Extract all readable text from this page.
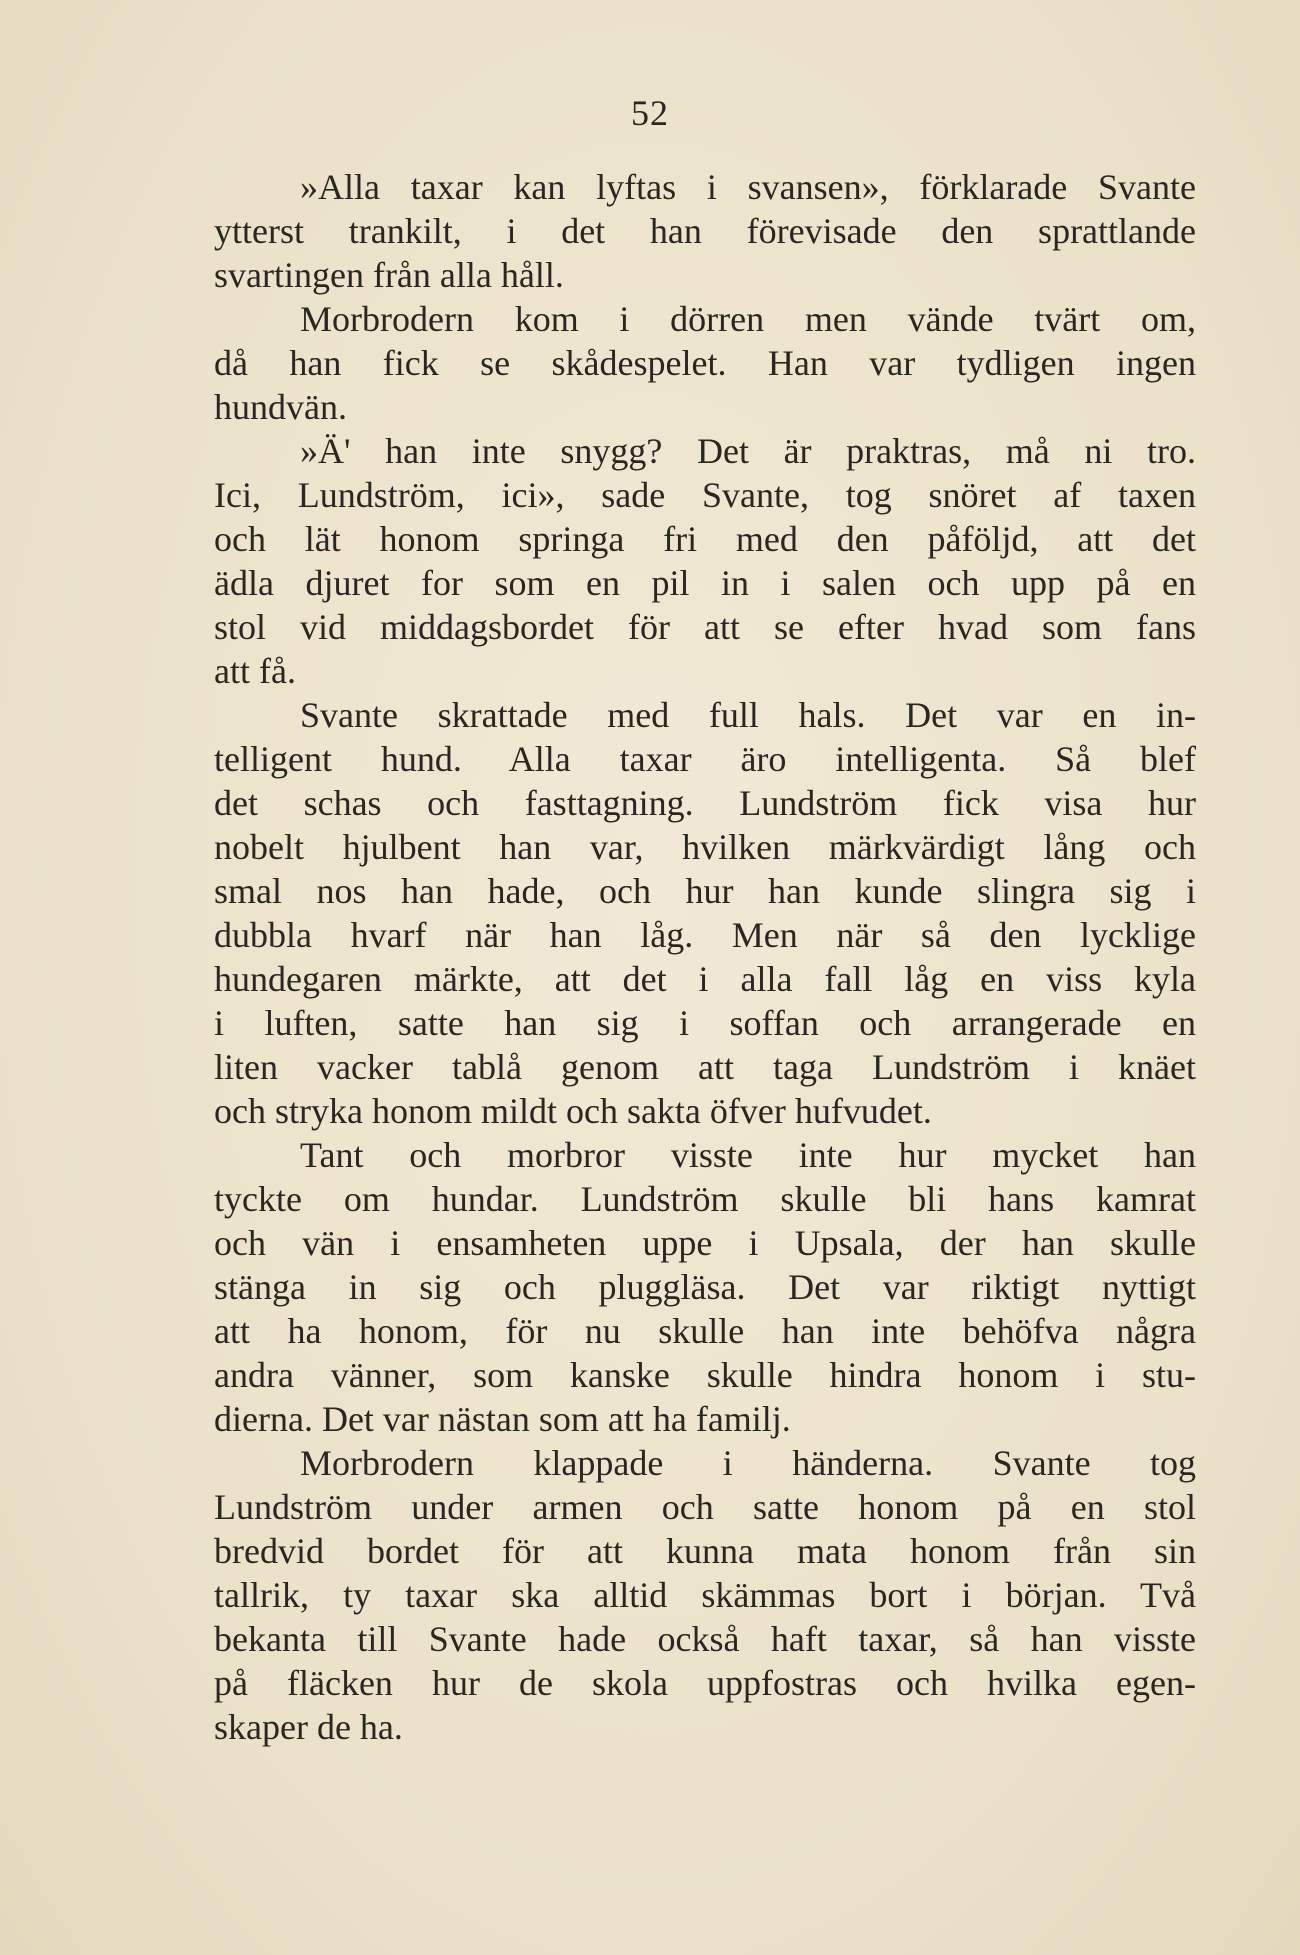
52
»Alla taxar kan lyftas i svansen», förklarade Svante
ytterst trankilt, i det han förevisade den sprattlande
svartingen från alla håll.
Morbrodern kom i dörren men vände tvärt om,
då han fick se skådespelet. Han var tydligen ingen
hundvän.
»Ä' han inte snygg? Det är praktras, må ni tro.
Ici, Lundström, ici», sade Svante, tog snöret af taxen
och lät honom springa fri med den påföljd, att det
ädla djuret for som en pil in i salen och upp på en
stol vid middagsbordet för att se efter hvad som fans
att få.
Svante skrattade med full hals. Det var en in-
telligent hund. Alla taxar äro intelligenta. Så blef
det schas och fasttagning. Lundström fick visa hur
nobelt hjulbent han var, hvilken märkvärdigt lång och
smal nos han hade, och hur han kunde slingra sig i
dubbla hvarf när han låg. Men när så den lycklige
hundegaren märkte, att det i alla fall låg en viss kyla
i luften, satte han sig i soffan och arrangerade en
liten vacker tablå genom att taga Lundström i knäet
och stryka honom mildt och sakta öfver hufvudet.
Tant och morbror visste inte hur mycket han
tyckte om hundar. Lundström skulle bli hans kamrat
och vän i ensamheten uppe i Upsala, der han skulle
stänga in sig och pluggläsa. Det var riktigt nyttigt
att ha honom, för nu skulle han inte behöfva några
andra vänner, som kanske skulle hindra honom i stu-
dierna. Det var nästan som att ha familj.
Morbrodern klappade i händerna. Svante tog
Lundström under armen och satte honom på en stol
bredvid bordet för att kunna mata honom från sin
tallrik, ty taxar ska alltid skämmas bort i början. Två
bekanta till Svante hade också haft taxar, så han visste
på fläcken hur de skola uppfostras och hvilka egen-
skaper de ha.
